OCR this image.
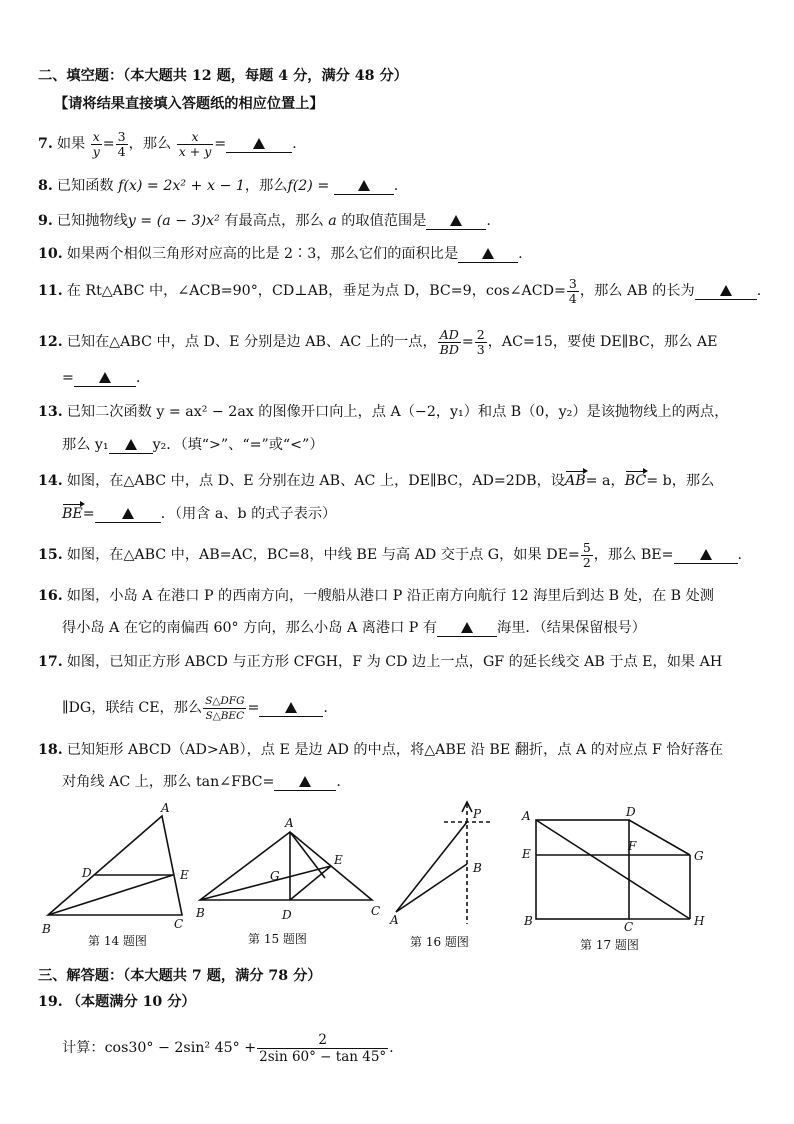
二、填空题：（本大题共 12 题，每题 4 分，满分 48 分）
【请将结果直接填入答题纸的相应位置上】
7. 如果 $\frac{x}{y} = \frac{3}{4}$ ，那么 $\frac{x}{x + y}$ =	.
8. 已知函数 f(x) = 2x² + x − 1，那么f(2) =	.
9. 已知抛物线y = (a − 3)x² 有最高点，那么 a 的取值范围是	.
10. 如果两个相似三角形对应高的比是 2∶3，那么它们的面积比是	.
11. 在 Rt△ABC 中，∠ACB=90°，CD⊥AB，垂足为点 D，BC=9，cos∠ACD= $\frac{3}{4}$ ，那么 AB 的长为	.
12. 已知在△ABC 中，点 D、E 分别是边 AB、AC 上的一点， $\frac{AD}{BD} = \frac{2}{3}$ ，AC=15，要使 DE∥BC，那么 AE
=	.
13. 已知二次函数 y = ax² − 2ax 的图像开口向上，点 A（−2，y₁）和点 B（0，y₂）是该抛物线上的两点，
那么 y₁	y₂．（填“>”、“=”或“<”）
14. 如图，在△ABC 中，点 D、E 分别在边 AB、AC 上，DE∥BC，AD=2DB，设AB= a，BC= b，那么
BE=	．（用含 a、b 的式子表示）
15. 如图，在△ABC 中，AB=AC，BC=8，中线 BE 与高 AD 交于点 G，如果 $DE= \frac{5}{2}$ ，那么 BE=	.
16. 如图，小岛 A 在港口 P 的西南方向，一艘船从港口 P 沿正南方向航行 12 海里后到达 B 处，在 B 处测
得小岛 A 在它的南偏西 60° 方向，那么小岛 A 离港口 P 有	海里．（结果保留根号）
17. 如图，已知正方形 ABCD 与正方形 CFGH，F 为 CD 边上一点，GF 的延长线交 AB 于点 E，如果 AH
∥DG，联结 CE，那么 $\frac{\text{S△DFG}}{\text{S△BEC}}$ =	.
18. 已知矩形 ABCD（AD>AB），点 E 是边 AD 的中点，将△ABE 沿 BE 翻折，点 A 的对应点 F 恰好落在
对角线 AC 上，那么 tan∠FBC=	.
A
D	E
B	C
A
E
G
B	D	C
P
B
A
A	D
E
F
G
B	C	H
第 14 题图	第 15 题图	第 16 题图	第 17 题图
三、解答题：（本大题共 7 题，满分 78 分）
19. （本题满分 10 分）
计算：cos30° − 2sin² $45^\circ + \frac{2}{2\sin 60^\circ - \tan 45^\circ}$ .
